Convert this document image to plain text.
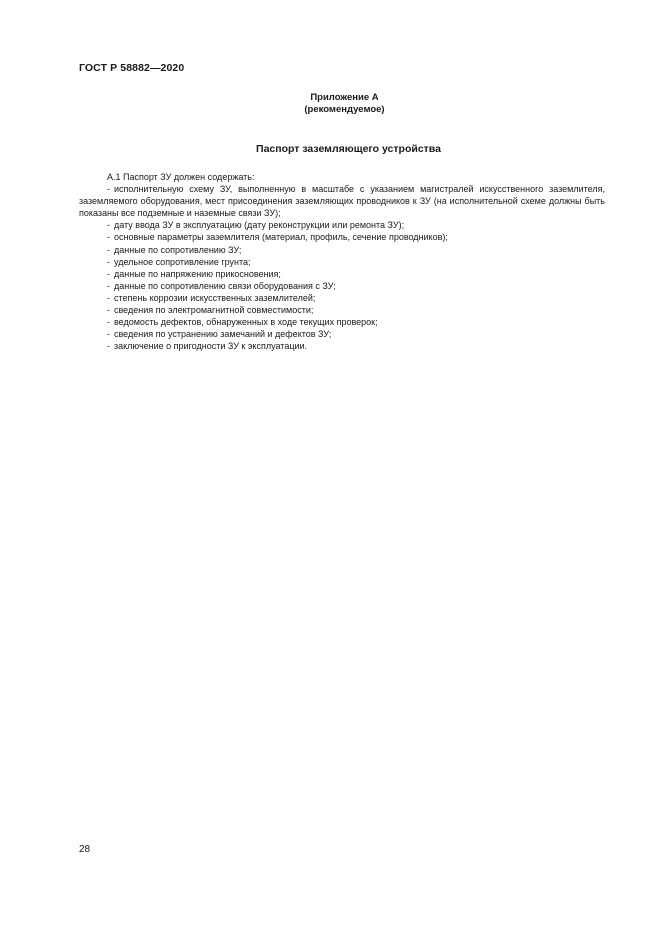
ГОСТ Р 58882—2020
Приложение А
(рекомендуемое)
Паспорт заземляющего устройства

А.1 Паспорт ЗУ должен содержать:

- исполнительную схему ЗУ, выполненную в масштабе с указанием магистралей искусственного заземлителя, заземляемого оборудования, мест присоединения заземляющих проводников к ЗУ (на исполнительной схеме должны быть показаны все подземные и наземные связи ЗУ);
- дату ввода ЗУ в эксплуатацию (дату реконструкции или ремонта ЗУ);
- основные параметры заземлителя (материал, профиль, сечение проводников);
- данные по сопротивлению ЗУ;
- удельное сопротивление грунта;
- данные по напряжению прикосновения;
- данные по сопротивлению связи оборудования с ЗУ;
- степень коррозии искусственных заземлителей;
- сведения по электромагнитной совместимости;
- ведомость дефектов, обнаруженных в ходе текущих проверок;
- сведения по устранению замечаний и дефектов ЗУ;
- заключение о пригодности ЗУ к эксплуатации.
28
